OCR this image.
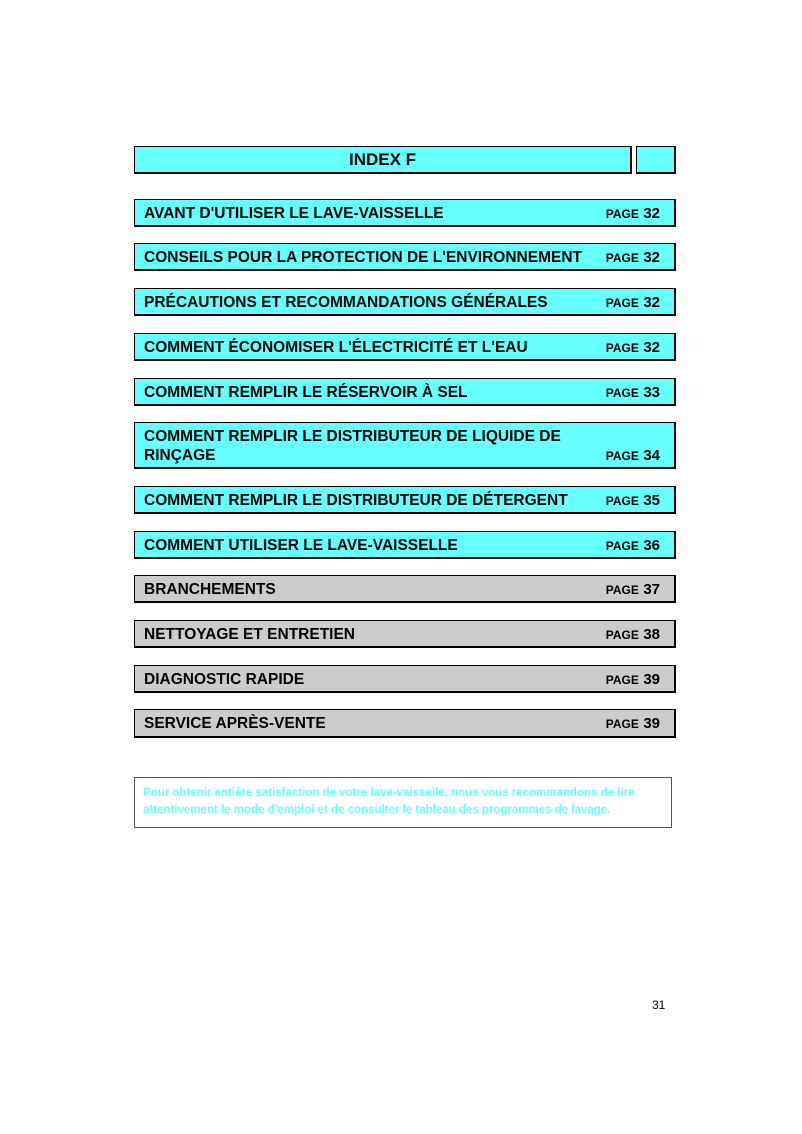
INDEX F
AVANT D'UTILISER LE LAVE-VAISSELLE	PAGE 32
CONSEILS POUR LA PROTECTION DE L'ENVIRONNEMENT PAGE 32
PRÉCAUTIONS ET RECOMMANDATIONS GÉNÉRALES	PAGE 32
COMMENT ÉCONOMISER L'ÉLECTRICITÉ ET L'EAU	PAGE 32
COMMENT REMPLIR LE RÉSERVOIR À SEL	PAGE 33
COMMENT REMPLIR LE DISTRIBUTEUR DE LIQUIDE DE
RINÇAGE	PAGE 34
COMMENT REMPLIR LE DISTRIBUTEUR DE DÉTERGENT	PAGE 35
COMMENT UTILISER LE LAVE-VAISSELLE	PAGE 36
BRANCHEMENTS	PAGE 37
NETTOYAGE ET ENTRETIEN	PAGE 38
DIAGNOSTIC RAPIDE	PAGE 39
SERVICE APRÈS-VENTE	PAGE 39
Pour obtenir entière satisfaction de votre lave-vaisselle, nous vous recommandons de lire
attentivement le mode d'emploi et de consulter le tableau des programmes de lavage.
31
